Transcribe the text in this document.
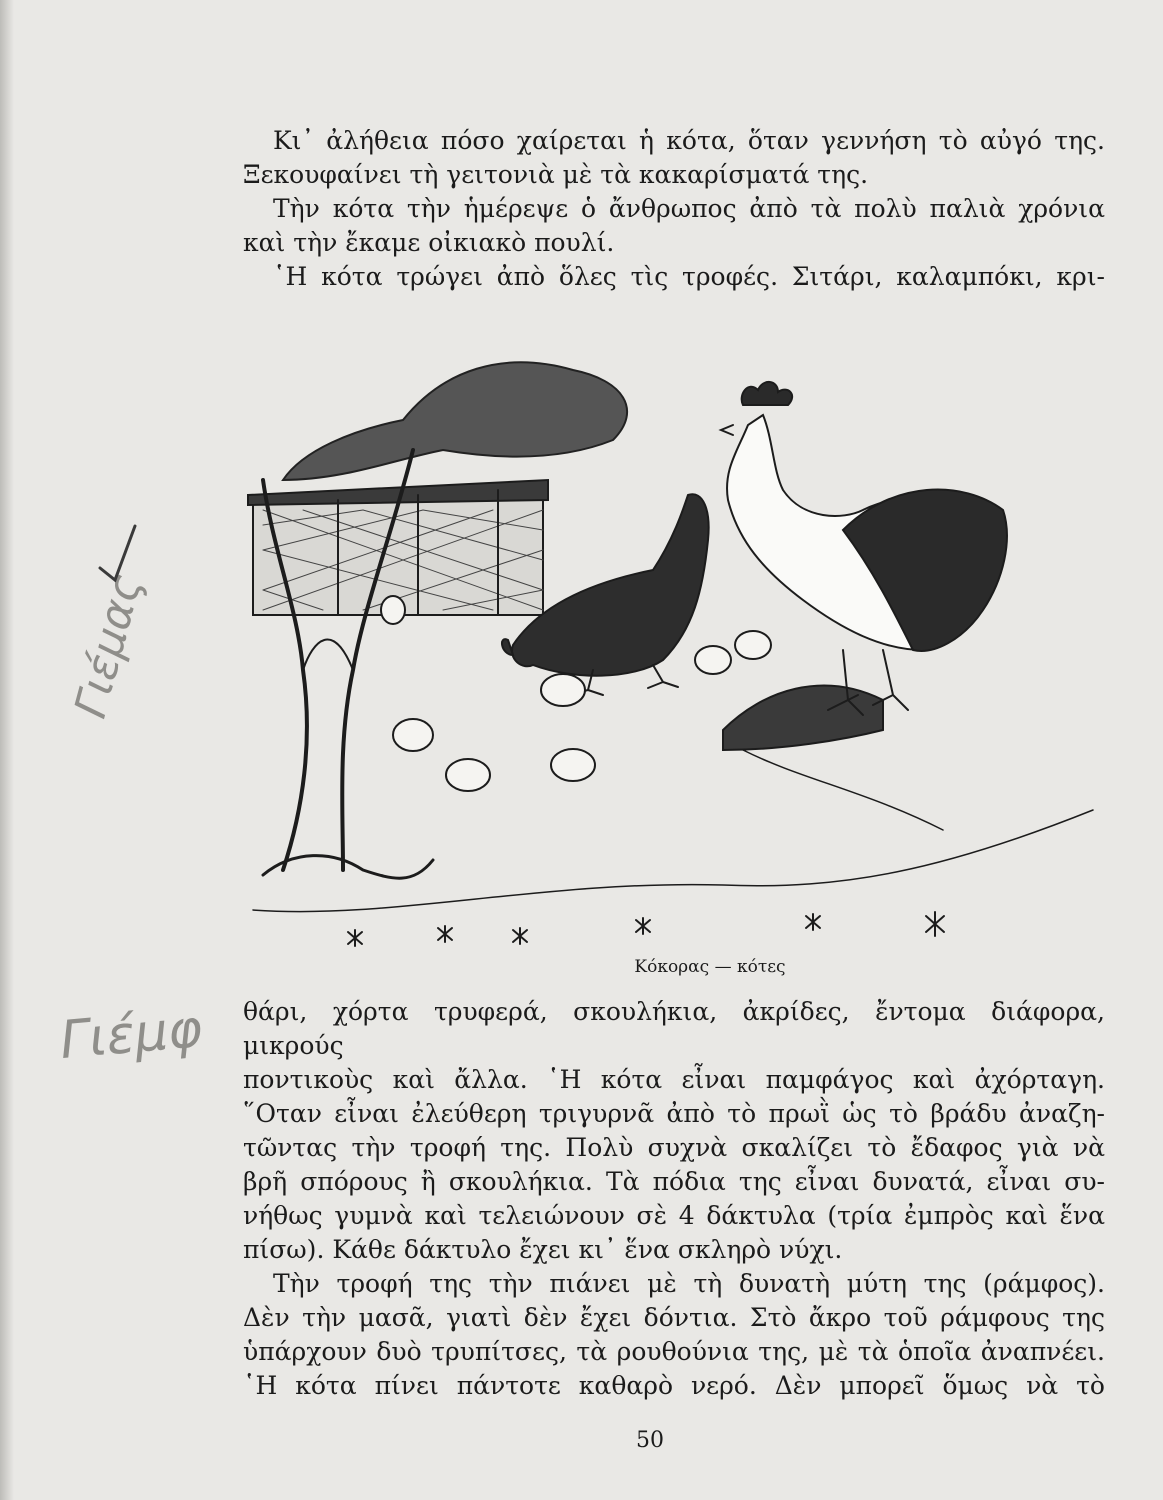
Κι᾽ ἀλήθεια πόσο χαίρεται ἡ κότα, ὅταν γεννήση τὸ αὐγό της.

Ξεκουφαίνει τὴ γειτονιὰ μὲ τὰ κακαρίσματά της.

Τὴν κότα τὴν ἡμέρεψε ὁ ἄνθρωπος ἀπὸ τὰ πολὺ παλιὰ χρόνια

καὶ τὴν ἔκαμε οἰκιακὸ πουλί.

῾Η κότα τρώγει ἀπὸ ὅλες τὶς τροφές. Σιτάρι, καλαμπόκι, κρι-

Κόκορας — κότες

θάρι, χόρτα τρυφερά, σκουλήκια, ἀκρίδες, ἔντομα διάφορα, μικρούς

ποντικοὺς καὶ ἄλλα. ῾Η κότα εἶναι παμφάγος καὶ ἀχόρταγη.

῞Οταν εἶναι ἐλεύθερη τριγυρνᾶ ἀπὸ τὸ πρωῒ ὡς τὸ βράδυ ἀναζη-

τῶντας τὴν τροφή της. Πολὺ συχνὰ σκαλίζει τὸ ἔδαφος γιὰ νὰ

βρῆ σπόρους ἢ σκουλήκια. Τὰ πόδια της εἶναι δυνατά, εἶναι συ-

νήθως γυμνὰ καὶ τελειώνουν σὲ 4 δάκτυλα (τρία ἐμπρὸς καὶ ἕνα

πίσω). Κάθε δάκτυλο ἔχει κι᾽ ἕνα σκληρὸ νύχι.

Τὴν τροφή της τὴν πιάνει μὲ τὴ δυνατὴ μύτη της (ράμφος).

Δὲν τὴν μασᾶ, γιατὶ δὲν ἔχει δόντια. Στὸ ἄκρο τοῦ ράμφους της

ὑπάρχουν δυὸ τρυπίτσες, τὰ ρουθούνια της, μὲ τὰ ὁποῖα ἀναπνέει.

῾Η κότα πίνει πάντοτε καθαρὸ νερό. Δὲν μπορεῖ ὅμως νὰ τὸ

50
Γιέμας
Γιέμφ
